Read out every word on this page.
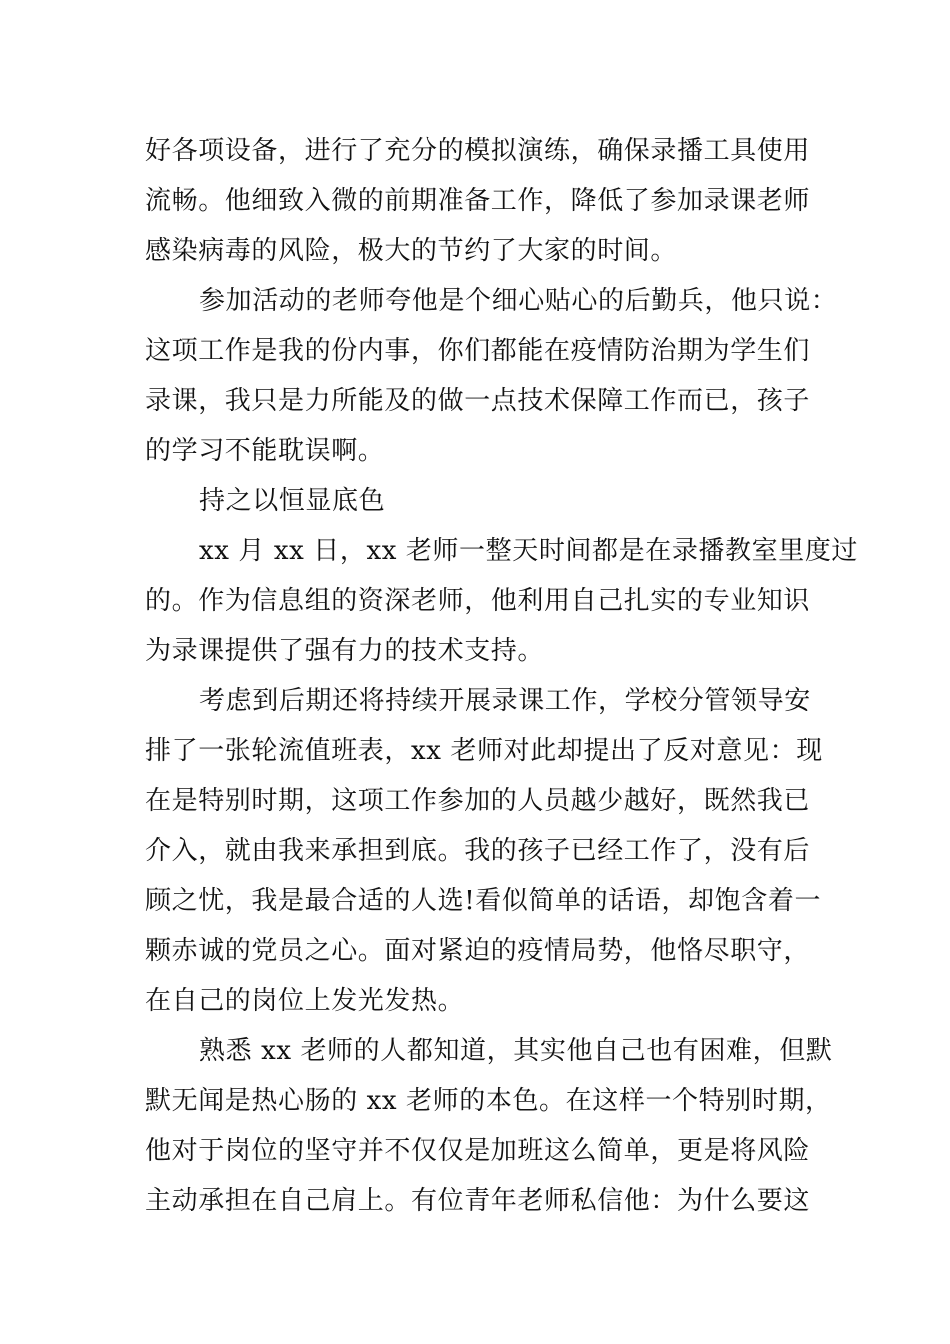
好各项设备，进行了充分的模拟演练，确保录播工具使用
流畅。他细致入微的前期准备工作，降低了参加录课老师
感染病毒的风险，极大的节约了大家的时间。
参加活动的老师夸他是个细心贴心的后勤兵，他只说：
这项工作是我的份内事，你们都能在疫情防治期为学生们
录课，我只是力所能及的做一点技术保障工作而已，孩子
的学习不能耽误啊。
持之以恒显底色
xx 月 xx 日，xx 老师一整天时间都是在录播教室里度过
的。作为信息组的资深老师，他利用自己扎实的专业知识
为录课提供了强有力的技术支持。
考虑到后期还将持续开展录课工作，学校分管领导安
排了一张轮流值班表，xx 老师对此却提出了反对意见：现
在是特别时期，这项工作参加的人员越少越好，既然我已
介入，就由我来承担到底。我的孩子已经工作了，没有后
顾之忧，我是最合适的人选!看似简单的话语，却饱含着一
颗赤诚的党员之心。面对紧迫的疫情局势，他恪尽职守，
在自己的岗位上发光发热。
熟悉 xx 老师的人都知道，其实他自己也有困难，但默
默无闻是热心肠的 xx 老师的本色。在这样一个特别时期，
他对于岗位的坚守并不仅仅是加班这么简单，更是将风险
主动承担在自己肩上。有位青年老师私信他：为什么要这
